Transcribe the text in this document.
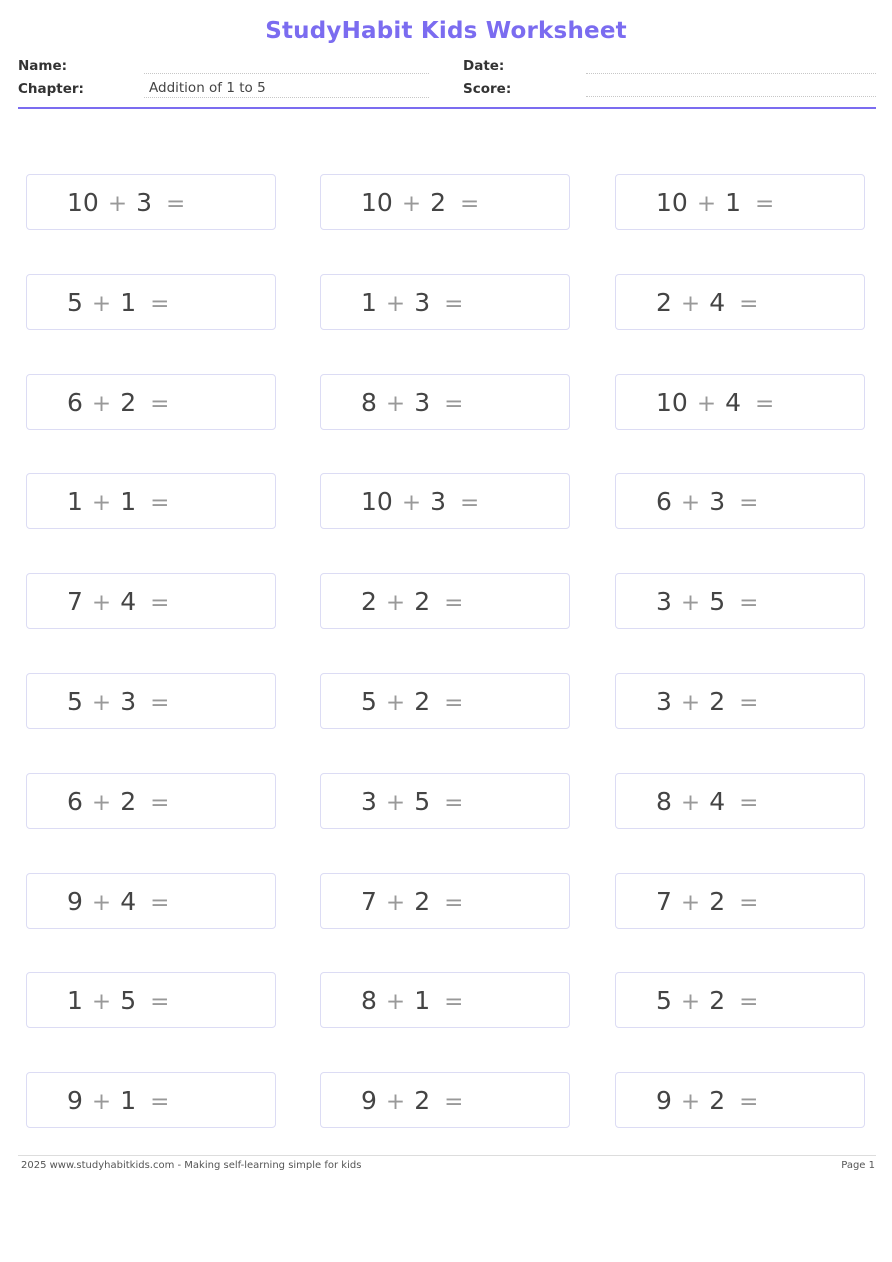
StudyHabit Kids Worksheet
Name:	Date:
Chapter:	Addition of 1 to 5	Score:
10 + 3 =	10 + 2 =	10 + 1 =
5 + 1 =	1 + 3 =	2 + 4 =
6 + 2 =	8 + 3 =	10 + 4 =
1 + 1 =	10 + 3 =	6 + 3 =
7 + 4 =	2 + 2 =	3 + 5 =
5 + 3 =	5 + 2 =	3 + 2 =
6 + 2 =	3 + 5 =	8 + 4 =
9 + 4 =	7 + 2 =	7 + 2 =
1 + 5 =	8 + 1 =	5 + 2 =
9 + 1 =	9 + 2 =	9 + 2 =
2025 www.studyhabitkids.com - Making self-learning simple for kids	Page 1
